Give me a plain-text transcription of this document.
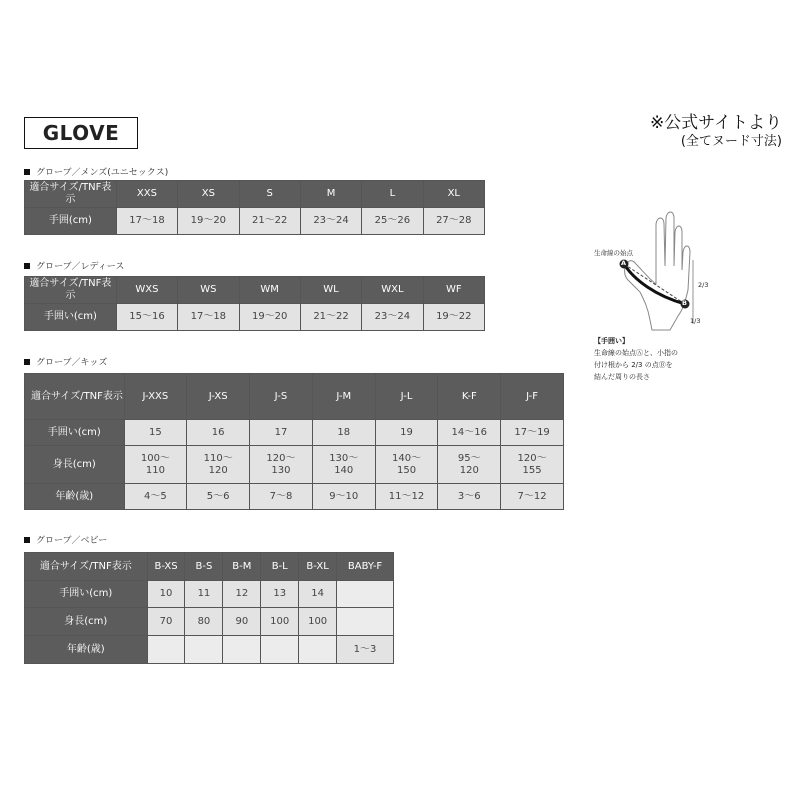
GLOVE	※公式サイトより
(全てヌード寸法)
グローブ／メンズ(ユニセックス)
適合サイズ/TNF表示	XXS	XS	S	M	L	XL
手囲(cm)	17〜18	19〜20	21〜22	23〜24	25〜26	27〜28
グローブ／レディース
適合サイズ/TNF表示	WXS	WS	WM	WL	WXL	WF
手囲い(cm)	15〜16	17〜18	19〜20	21〜22	23〜24	19〜22
グローブ／キッズ
適合サイズ/TNF表示	J-XXS	J-XS	J-S	J-M	J-L	K-F	J-F
手囲い(cm)	15	16	17	18	19	14〜16	17〜19
身長(cm)	100〜110	110〜120	120〜130	130〜140	140〜150	95〜120	120〜155
年齢(歳)	4〜5	5〜6	7〜8	9〜10	11〜12	3〜6	7〜12
グローブ／ベビー
適合サイズ/TNF表示	B-XS	B-S	B-M	B-L	B-XL	BABY-F
手囲い(cm)	10	11	12	13	14	
身長(cm)	70	80	90	100	100	
年齢(歳)						1〜3
生命線の始点
A
B
2/3
1/3
【手囲い】
生命線の始点Ⓐと、小指の
付け根から 2/3 の点Ⓑを
結んだ周りの長さ
